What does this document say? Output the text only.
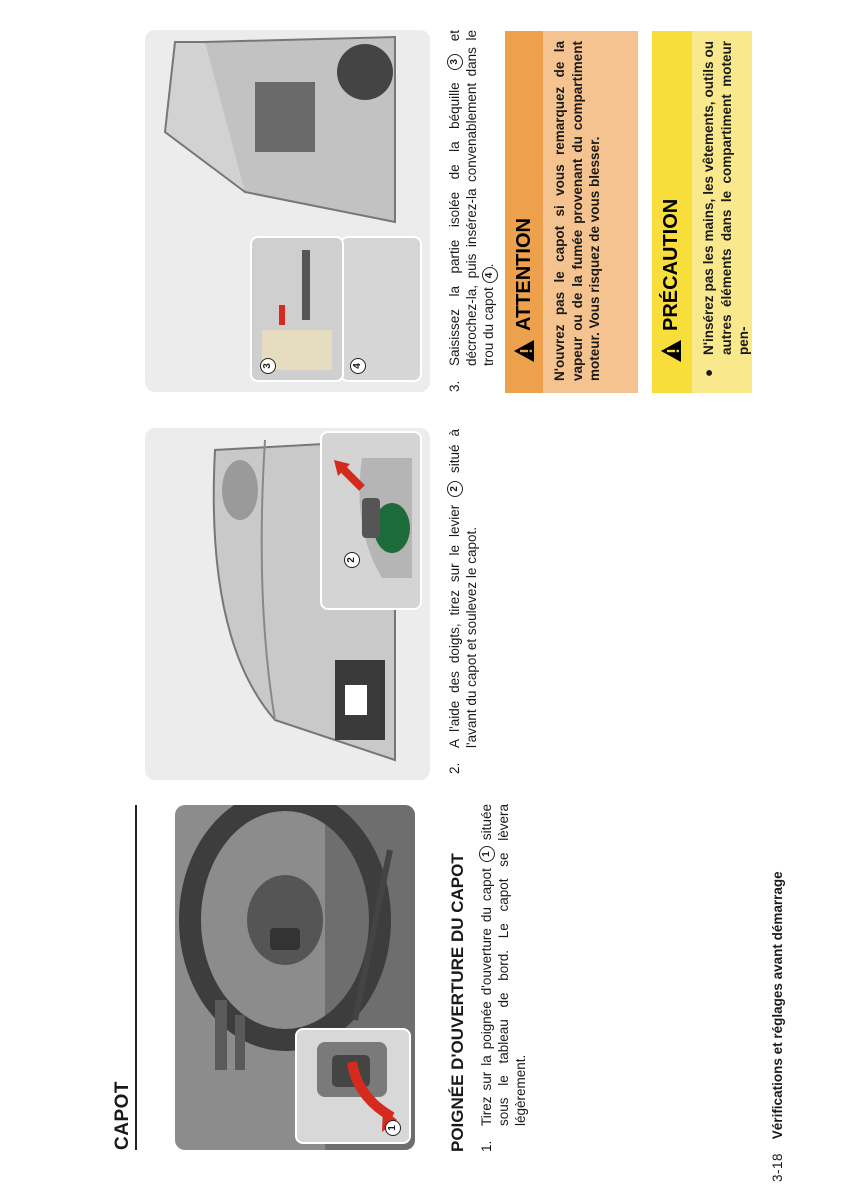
CAPOT	1	POIGNÉE D'OUVERTURE DU CAPOT 1.
Tirez sur la poignée d'ouverture du capot 1 située sous le tableau de bord. Le capot se lèvera légèrement.
3-18 Vérifications et réglages avant démarrage
2
2.
A l'aide des doigts, tirez sur le levier 2 situé à l'avant du capot et soulevez le capot.
4
3
3.
Saisissez la partie isolée de la béquille 3 et décrochez-la, puis insérez-la convenablement dans le trou du capot 4. ATTENTION	N'ouvrez pas le capot si vous remarquez de la vapeur ou de la fumée provenant du compartiment moteur. Vous risquez de vous blesser.	PRÉCAUTION
●
N'insérez pas les mains, les vêtements, outils ou autres éléments dans le compartiment moteur pen-
